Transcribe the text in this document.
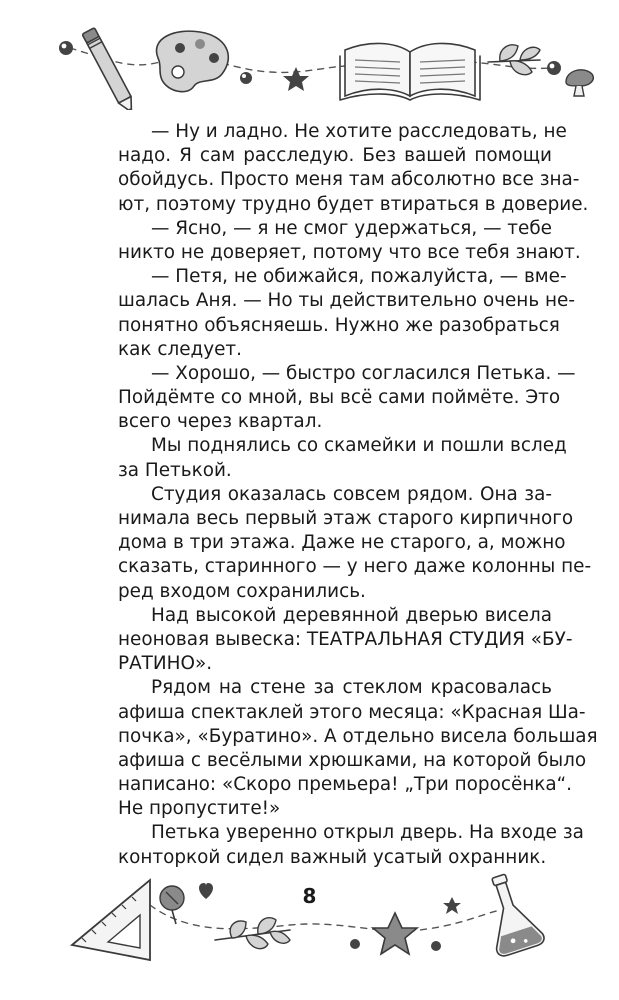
— Ну и ладно. Не хотите расследовать, не
надо. Я сам расследую. Без вашей помощи
обойдусь. Просто меня там абсолютно все зна-
ют, поэтому трудно будет втираться в доверие.
— Ясно, — я не смог удержаться, — тебе
никто не доверяет, потому что все тебя знают.
— Петя, не обижайся, пожалуйста, — вме-
шалась Аня. — Но ты действительно очень не-
понятно объясняешь. Нужно же разобраться
как следует.
— Хорошо, — быстро согласился Петька. —
Пойдёмте со мной, вы всё сами поймёте. Это
всего через квартал.
Мы поднялись со скамейки и пошли вслед
за Петькой.
Студия оказалась совсем рядом. Она за-
нимала весь первый этаж старого кирпичного
дома в три этажа. Даже не старого, а, можно
сказать, старинного — у него даже колонны пе-
ред входом сохранились.
Над высокой деревянной дверью висела
неоновая вывеска: ТЕАТРАЛЬНАЯ СТУДИЯ «БУ-
РАТИНО».
Рядом на стене за стеклом красовалась
афиша спектаклей этого месяца: «Красная Ша-
почка», «Буратино». А отдельно висела большая
афиша с весёлыми хрюшками, на которой было
написано: «Скоро премьера! „Три поросёнка“.
Не пропустите!»
Петька уверенно открыл дверь. На входе за
конторкой сидел важный усатый охранник.
8
